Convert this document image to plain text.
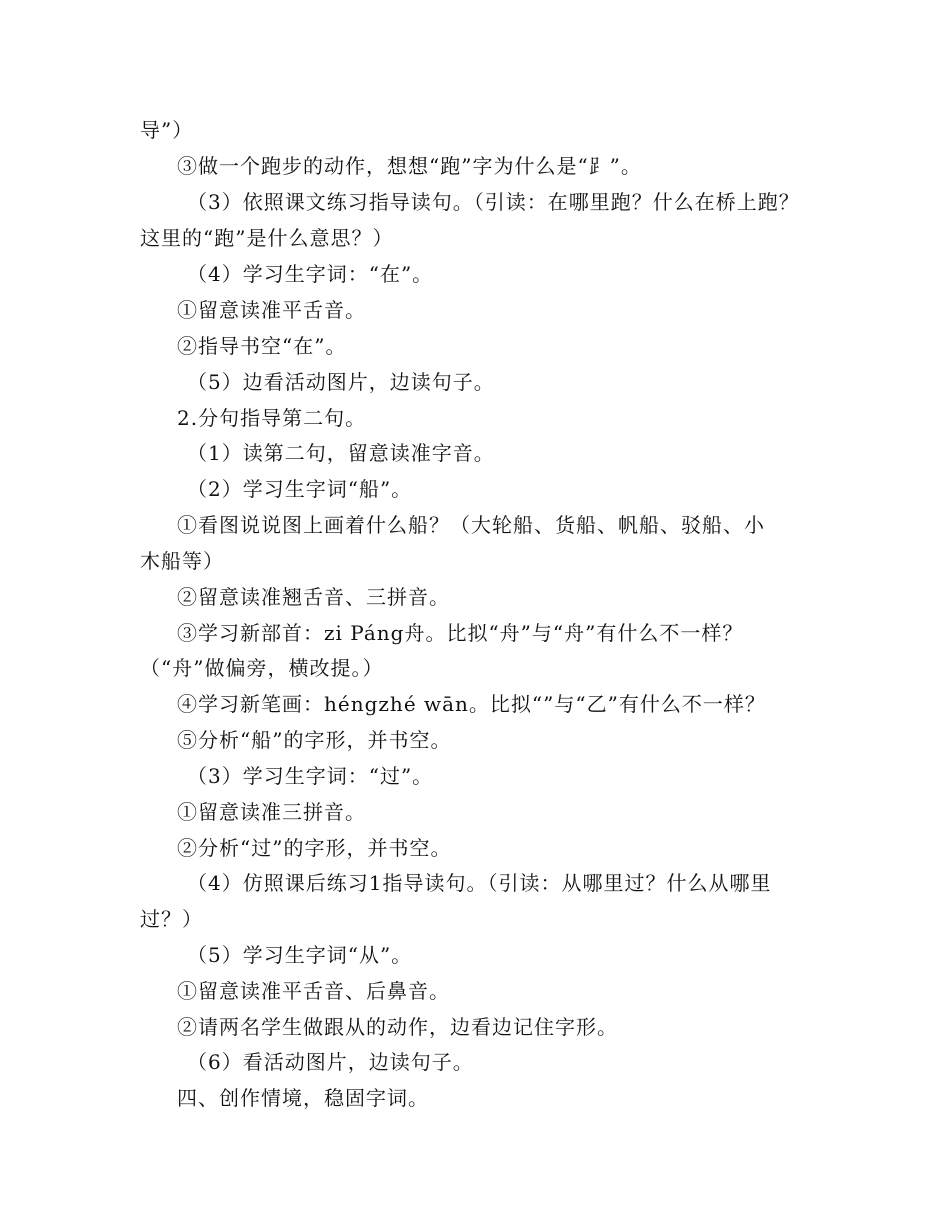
导”）
③做一个跑步的动作，想想“跑”字为什么是“⻊”。
（3）依照课文练习指导读句。（引读：在哪里跑？什么在桥上跑？
这里的“跑”是什么意思？）
（4）学习生字词：“在”。
①留意读准平舌音。
②指导书空“在”。
（5）边看活动图片，边读句子。
2.分句指导第二句。
（1）读第二句，留意读准字音。
（2）学习生字词“船”。
①看图说说图上画着什么船？（大轮船、货船、帆船、驳船、小
木船等）
②留意读准翘舌音、三拼音。
③学习新部首：zi Páng舟。比拟“舟”与“舟”有什么不一样？
（“舟”做偏旁，横改提。）
④学习新笔画：héngzhé wān。比拟“”与“乙”有什么不一样？
⑤分析“船”的字形，并书空。
（3）学习生字词：“过”。
①留意读准三拼音。
②分析“过”的字形，并书空。
（4）仿照课后练习1指导读句。（引读：从哪里过？什么从哪里
过？）
（5）学习生字词“从”。
①留意读准平舌音、后鼻音。
②请两名学生做跟从的动作，边看边记住字形。
（6）看活动图片，边读句子。
四、创作情境，稳固字词。
